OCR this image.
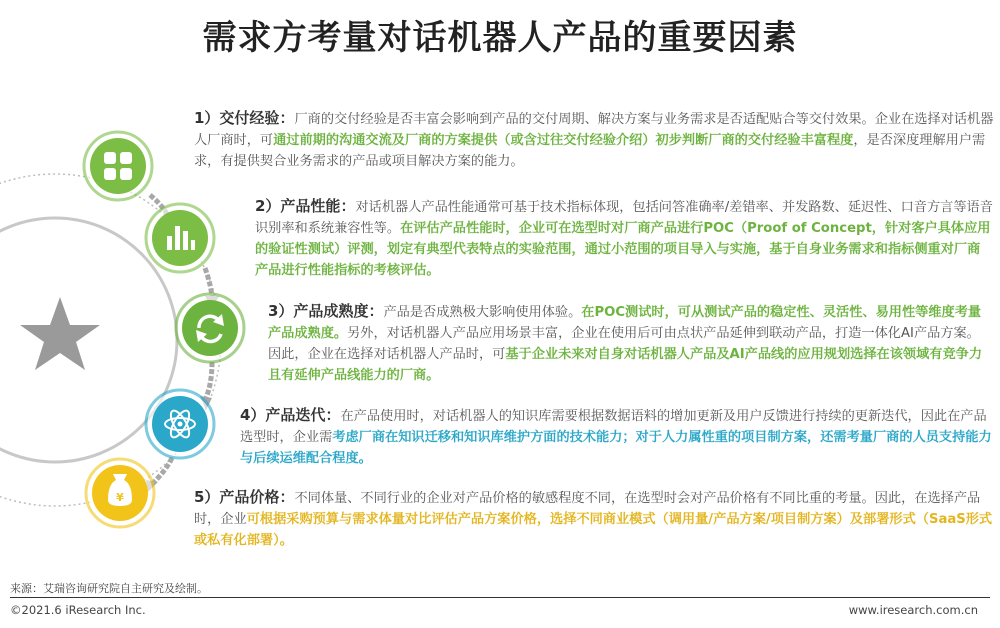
需求方考量对话机器人产品的重要因素
¥
1）交付经验：厂商的交付经验是否丰富会影响到产品的交付周期、解决方案与业务需求是否适配贴合等交付效果。企业在选择对话机器人厂商时，可通过前期的沟通交流及厂商的方案提供（或含过往交付经验介绍）初步判断厂商的交付经验丰富程度，是否深度理解用户需求，有提供契合业务需求的产品或项目解决方案的能力。
2）产品性能：对话机器人产品性能通常可基于技术指标体现，包括问答准确率/差错率、并发路数、延迟性、口音方言等语音识别率和系统兼容性等。在评估产品性能时，企业可在选型时对厂商产品进行POC（Proof of Concept，针对客户具体应用的验证性测试）评测，划定有典型代表特点的实验范围，通过小范围的项目导入与实施，基于自身业务需求和指标侧重对厂商产品进行性能指标的考核评估。
3）产品成熟度：产品是否成熟极大影响使用体验。在POC测试时，可从测试产品的稳定性、灵活性、易用性等维度考量产品成熟度。另外，对话机器人产品应用场景丰富，企业在使用后可由点状产品延伸到联动产品，打造一体化AI产品方案。因此，企业在选择对话机器人产品时，可基于企业未来对自身对话机器人产品及AI产品线的应用规划选择在该领域有竞争力且有延伸产品线能力的厂商。
4）产品迭代：在产品使用时，对话机器人的知识库需要根据数据语料的增加更新及用户反馈进行持续的更新迭代，因此在产品选型时，企业需考虑厂商在知识迁移和知识库维护方面的技术能力；对于人力属性重的项目制方案，还需考量厂商的人员支持能力与后续运维配合程度。
5）产品价格：不同体量、不同行业的企业对产品价格的敏感程度不同，在选型时会对产品价格有不同比重的考量。因此，在选择产品时，企业可根据采购预算与需求体量对比评估产品方案价格，选择不同商业模式（调用量/产品方案/项目制方案）及部署形式（SaaS形式或私有化部署）。
来源：艾瑞咨询研究院自主研究及绘制。
©2021.6 iResearch Inc.	www.iresearch.com.cn
